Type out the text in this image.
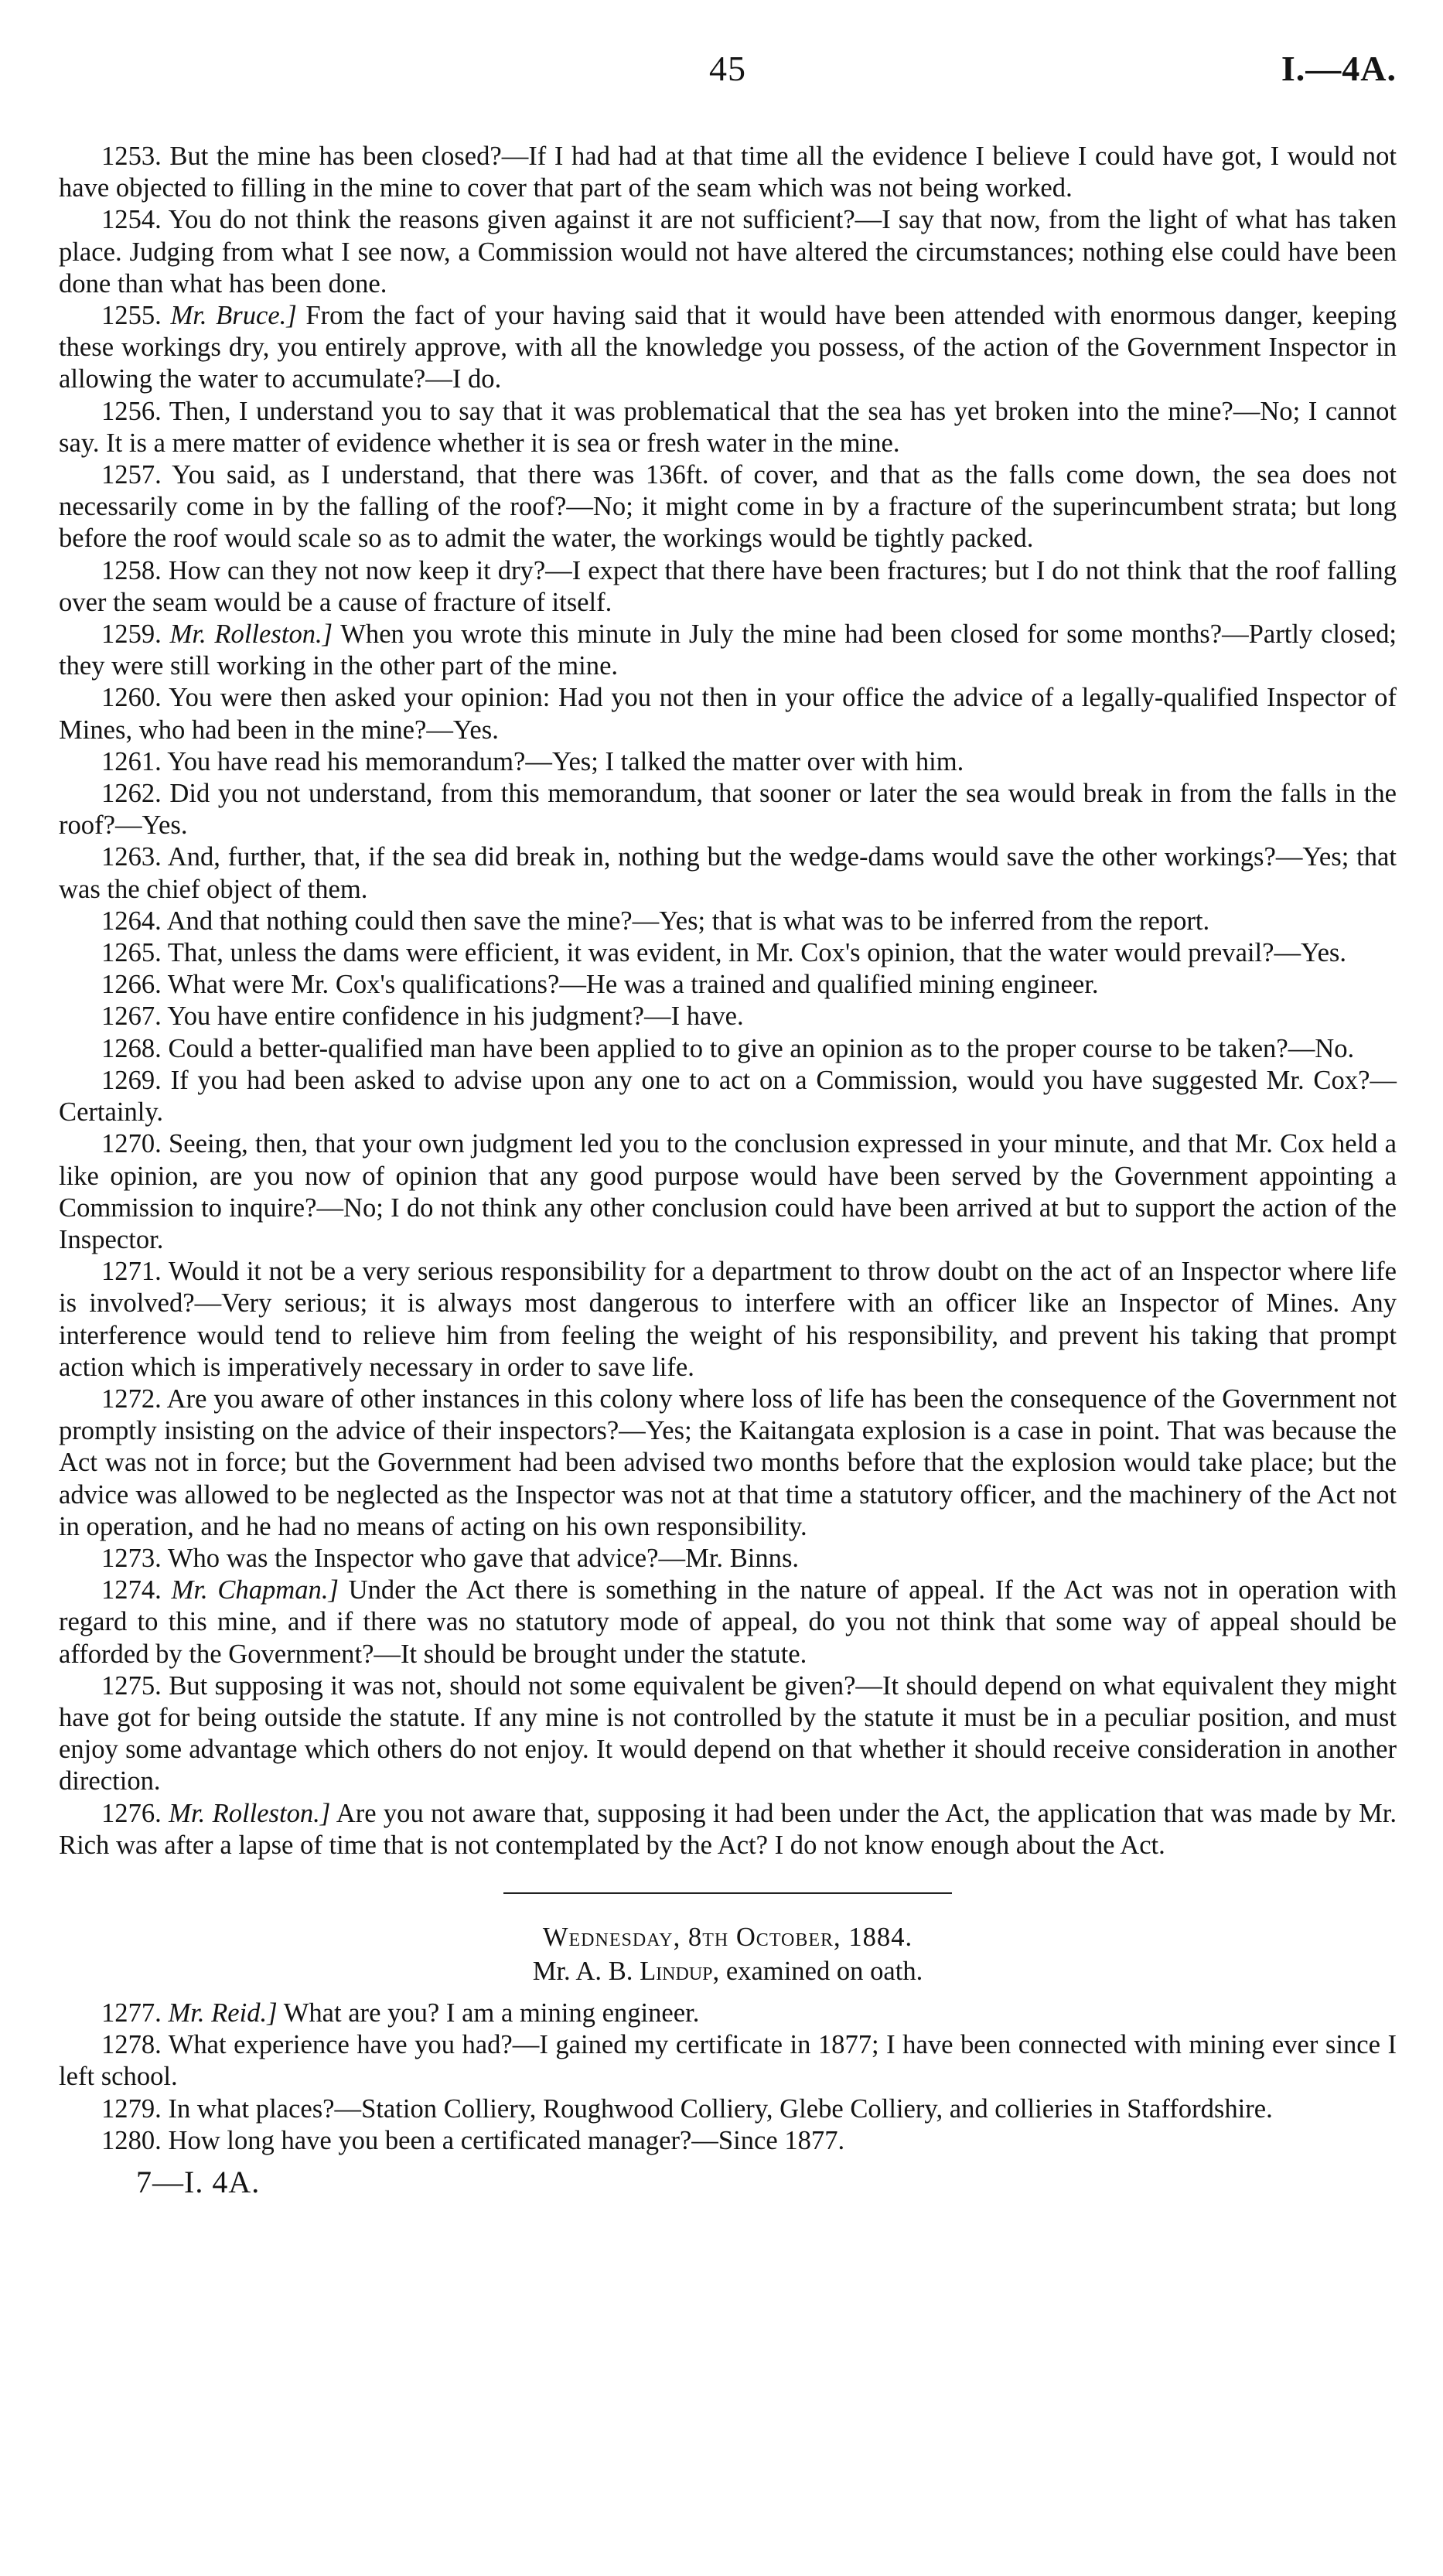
45	I.—4A.

1253. But the mine has been closed?—If I had had at that time all the evidence I believe I could have got, I would not have objected to filling in the mine to cover that part of the seam which was not being worked.

1254. You do not think the reasons given against it are not sufficient?—I say that now, from the light of what has taken place. Judging from what I see now, a Commission would not have altered the circumstances; nothing else could have been done than what has been done.

1255. Mr. Bruce.] From the fact of your having said that it would have been attended with enormous danger, keeping these workings dry, you entirely approve, with all the knowledge you possess, of the action of the Government Inspector in allowing the water to accumulate?—I do.

1256. Then, I understand you to say that it was problematical that the sea has yet broken into the mine?—No; I cannot say. It is a mere matter of evidence whether it is sea or fresh water in the mine.

1257. You said, as I understand, that there was 136ft. of cover, and that as the falls come down, the sea does not necessarily come in by the falling of the roof?—No; it might come in by a fracture of the superincumbent strata; but long before the roof would scale so as to admit the water, the workings would be tightly packed.

1258. How can they not now keep it dry?—I expect that there have been fractures; but I do not think that the roof falling over the seam would be a cause of fracture of itself.

1259. Mr. Rolleston.] When you wrote this minute in July the mine had been closed for some months?—Partly closed; they were still working in the other part of the mine.

1260. You were then asked your opinion: Had you not then in your office the advice of a legally-qualified Inspector of Mines, who had been in the mine?—Yes.

1261. You have read his memorandum?—Yes; I talked the matter over with him.

1262. Did you not understand, from this memorandum, that sooner or later the sea would break in from the falls in the roof?—Yes.

1263. And, further, that, if the sea did break in, nothing but the wedge-dams would save the other workings?—Yes; that was the chief object of them.

1264. And that nothing could then save the mine?—Yes; that is what was to be inferred from the report.

1265. That, unless the dams were efficient, it was evident, in Mr. Cox's opinion, that the water would prevail?—Yes.

1266. What were Mr. Cox's qualifications?—He was a trained and qualified mining engineer.

1267. You have entire confidence in his judgment?—I have.

1268. Could a better-qualified man have been applied to to give an opinion as to the proper course to be taken?—No.

1269. If you had been asked to advise upon any one to act on a Commission, would you have suggested Mr. Cox?—Certainly.

1270. Seeing, then, that your own judgment led you to the conclusion expressed in your minute, and that Mr. Cox held a like opinion, are you now of opinion that any good purpose would have been served by the Government appointing a Commission to inquire?—No; I do not think any other conclusion could have been arrived at but to support the action of the Inspector.

1271. Would it not be a very serious responsibility for a department to throw doubt on the act of an Inspector where life is involved?—Very serious; it is always most dangerous to interfere with an officer like an Inspector of Mines. Any interference would tend to relieve him from feeling the weight of his responsibility, and prevent his taking that prompt action which is imperatively necessary in order to save life.

1272. Are you aware of other instances in this colony where loss of life has been the consequence of the Government not promptly insisting on the advice of their inspectors?—Yes; the Kaitangata explosion is a case in point. That was because the Act was not in force; but the Government had been advised two months before that the explosion would take place; but the advice was allowed to be neglected as the Inspector was not at that time a statutory officer, and the machinery of the Act not in operation, and he had no means of acting on his own responsibility.

1273. Who was the Inspector who gave that advice?—Mr. Binns.

1274. Mr. Chapman.] Under the Act there is something in the nature of appeal. If the Act was not in operation with regard to this mine, and if there was no statutory mode of appeal, do you not think that some way of appeal should be afforded by the Government?—It should be brought under the statute.

1275. But supposing it was not, should not some equivalent be given?—It should depend on what equivalent they might have got for being outside the statute. If any mine is not controlled by the statute it must be in a peculiar position, and must enjoy some advantage which others do not enjoy. It would depend on that whether it should receive consideration in another direction.

1276. Mr. Rolleston.] Are you not aware that, supposing it had been under the Act, the application that was made by Mr. Rich was after a lapse of time that is not contemplated by the Act? I do not know enough about the Act.

Wednesday, 8th October, 1884.
Mr. A. B. Lindup, examined on oath.

1277. Mr. Reid.] What are you? I am a mining engineer.

1278. What experience have you had?—I gained my certificate in 1877; I have been connected with mining ever since I left school.

1279. In what places?—Station Colliery, Roughwood Colliery, Glebe Colliery, and collieries in Staffordshire.

1280. How long have you been a certificated manager?—Since 1877.

7—I. 4A.
